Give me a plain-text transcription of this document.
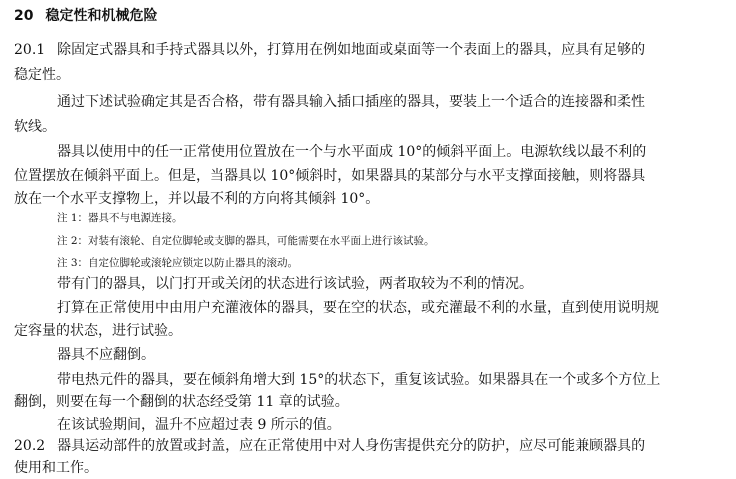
20 稳定性和机械危险
20.1 除固定式器具和手持式器具以外，打算用在例如地面或桌面等一个表面上的器具，应具有足够的
稳定性。
通过下述试验确定其是否合格，带有器具输入插口插座的器具，要装上一个适合的连接器和柔性
软线。
器具以使用中的任一正常使用位置放在一个与水平面成 10°的倾斜平面上。电源软线以最不利的
位置摆放在倾斜平面上。但是，当器具以 10°倾斜时，如果器具的某部分与水平支撑面接触，则将器具
放在一个水平支撑物上，并以最不利的方向将其倾斜 10°。
注 1：器具不与电源连接。
注 2：对装有滚轮、自定位脚轮或支脚的器具，可能需要在水平面上进行该试验。
注 3：自定位脚轮或滚轮应锁定以防止器具的滚动。
带有门的器具，以门打开或关闭的状态进行该试验，两者取较为不利的情况。
打算在正常使用中由用户充灌液体的器具，要在空的状态，或充灌最不利的水量，直到使用说明规
定容量的状态，进行试验。
器具不应翻倒。
带电热元件的器具，要在倾斜角增大到 15°的状态下，重复该试验。如果器具在一个或多个方位上
翻倒，则要在每一个翻倒的状态经受第 11 章的试验。
在该试验期间，温升不应超过表 9 所示的值。
20.2 器具运动部件的放置或封盖，应在正常使用中对人身伤害提供充分的防护，应尽可能兼顾器具的
使用和工作。
